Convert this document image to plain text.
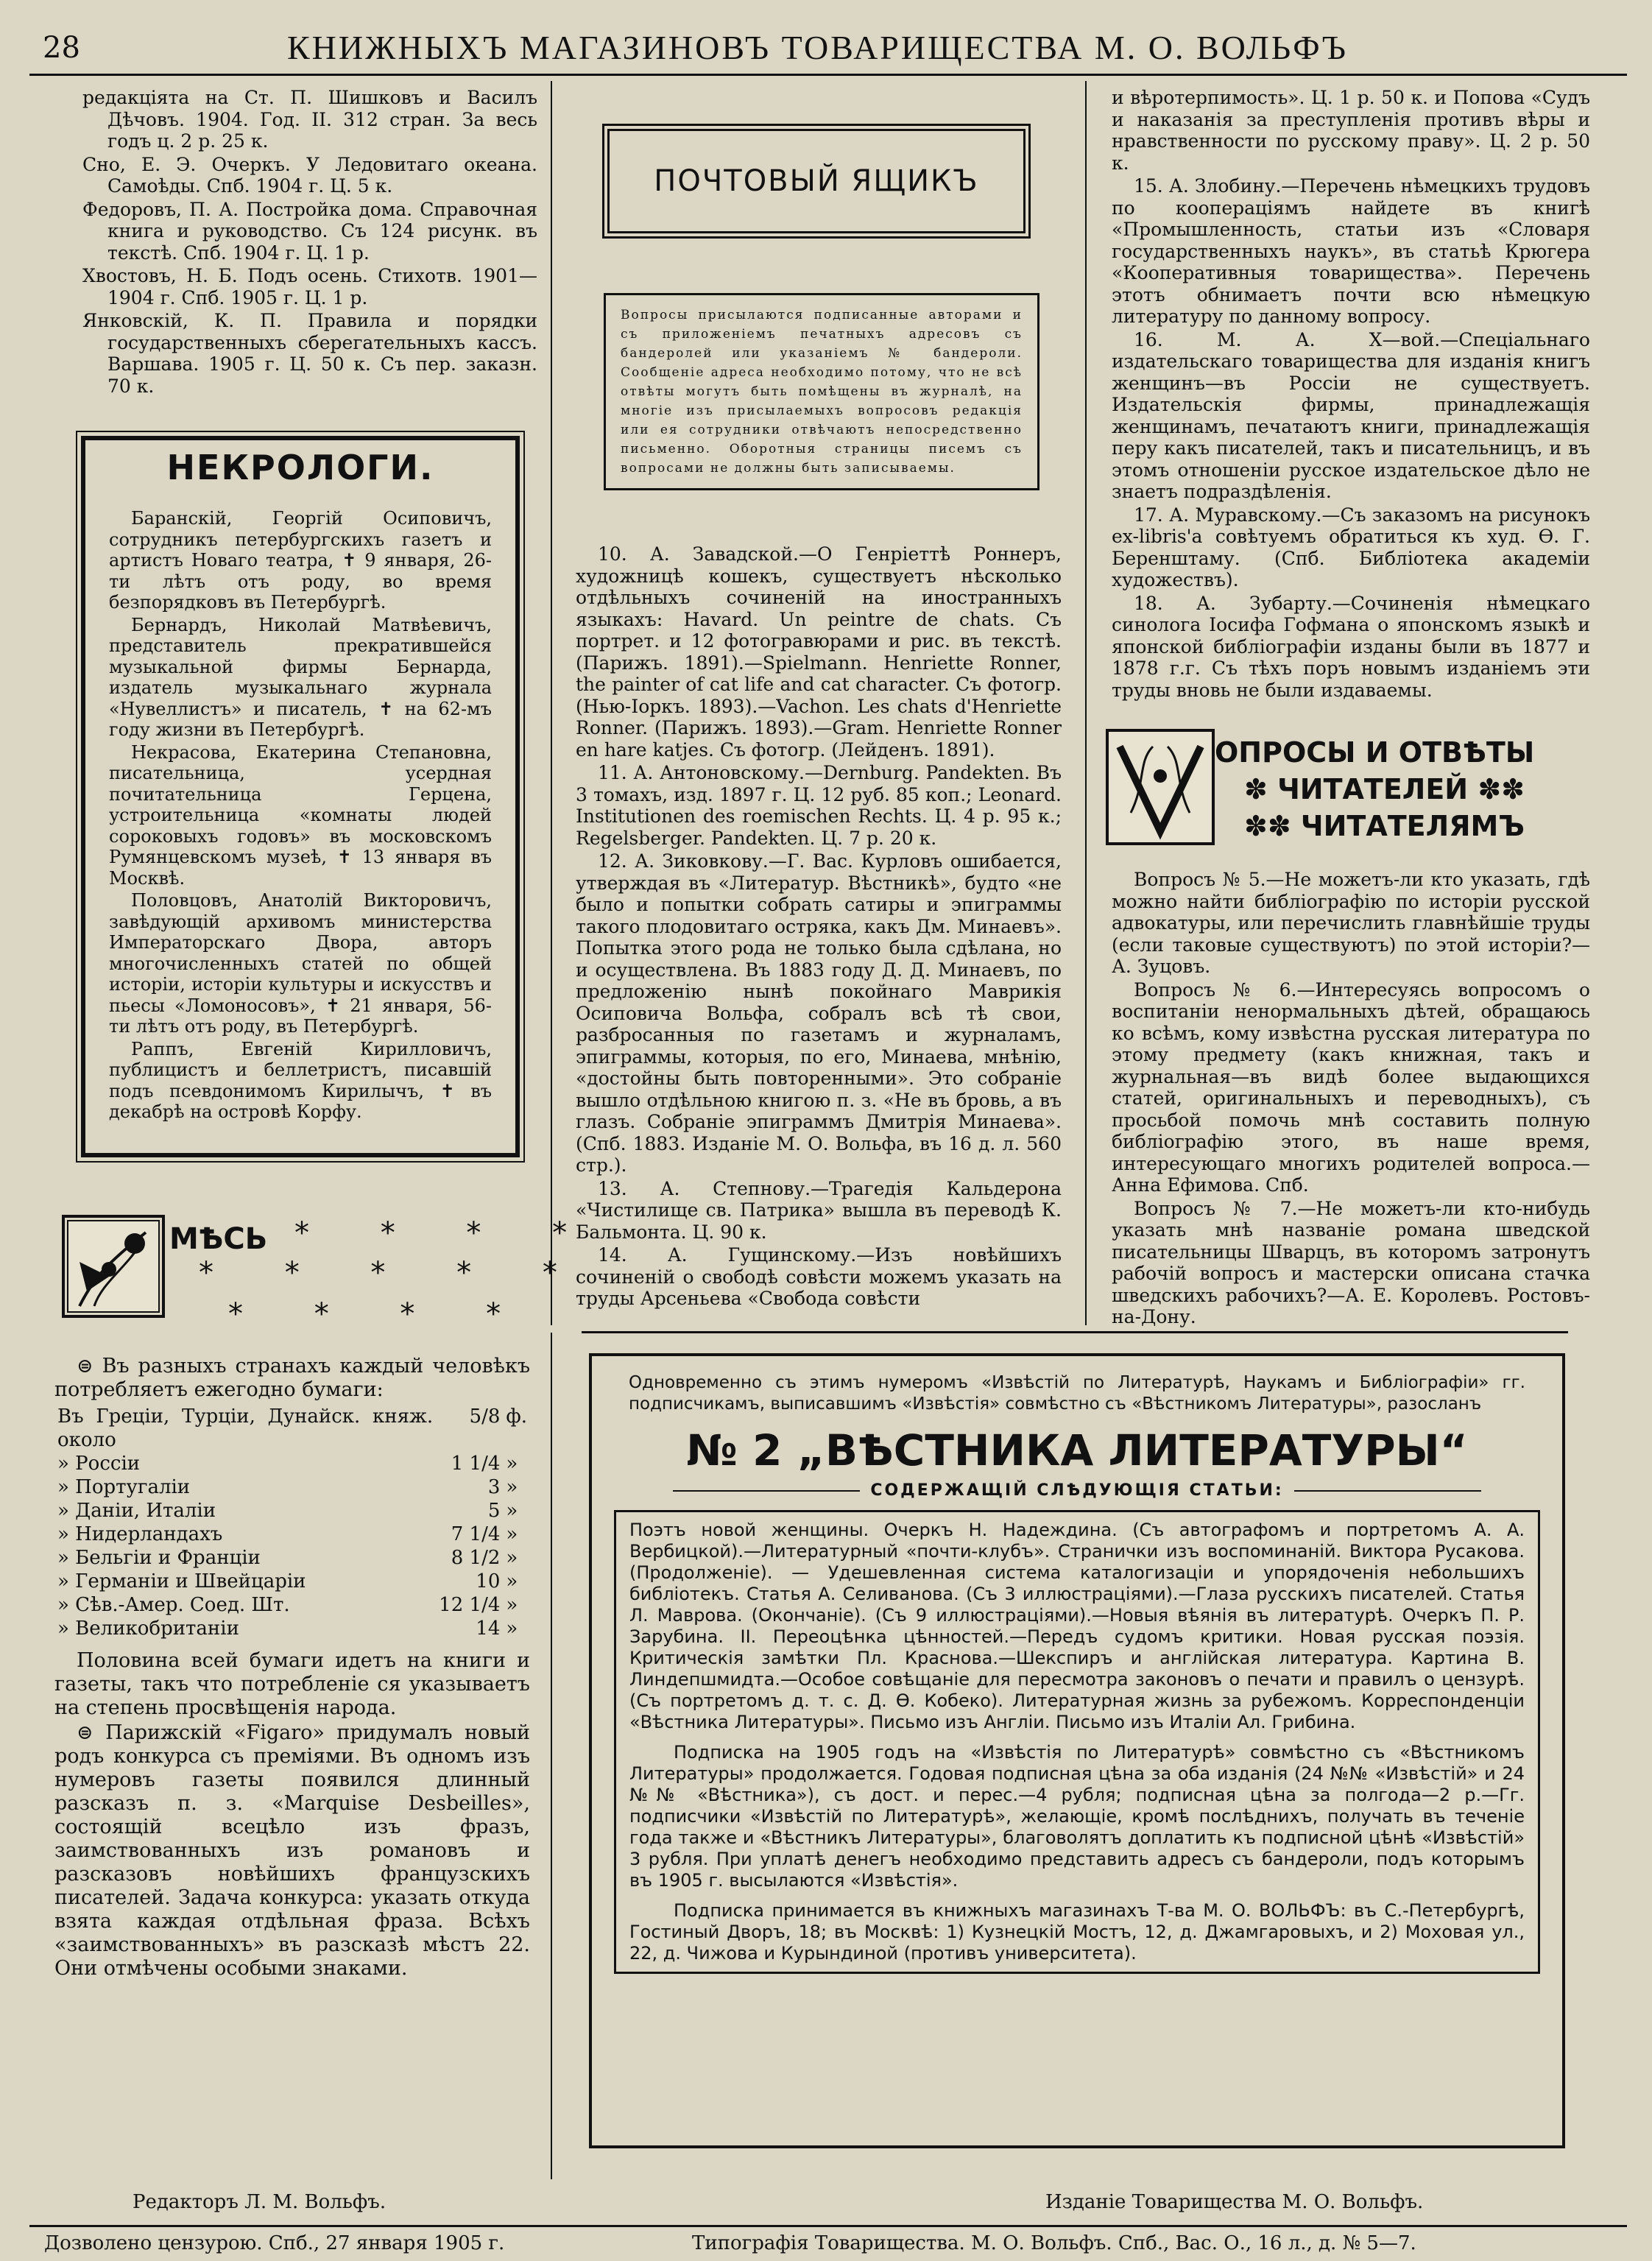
28	КНИЖНЫХЪ МАГАЗИНОВЪ ТОВАРИЩЕСТВА М. О. ВОЛЬФЪ

редакціята на Ст. П. Шишковъ и Василъ Дѣчовъ. 1904. Год. II. 312 стран. За весь годъ ц. 2 р. 25 к.

Сно, Е. Э. Очеркъ. У Ледовитаго океана. Самоѣды. Спб. 1904 г. Ц. 5 к.

Федоровъ, П. А. Постройка дома. Справочная книга и руководство. Съ 124 рисунк. въ текстѣ. Спб. 1904 г. Ц. 1 р.

Хвостовъ, Н. Б. Подъ осень. Стихотв. 1901—1904 г. Спб. 1905 г. Ц. 1 р.

Янковскій, К. П. Правила и порядки государственныхъ сберегательныхъ кассъ. Варшава. 1905 г. Ц. 50 к. Съ пер. заказн. 70 к.

НЕКРОЛОГИ.

Баранскій, Георгій Осиповичъ, сотрудникъ петербургскихъ газетъ и артистъ Новаго театра, ✝ 9 января, 26-ти лѣтъ отъ роду, во время безпорядковъ въ Петербургѣ.

Бернардъ, Николай Матвѣевичъ, представитель прекратившейся музыкальной фирмы Бернарда, издатель музыкальнаго журнала «Нувеллистъ» и писатель, ✝ на 62-мъ году жизни въ Петербургѣ.

Некрасова, Екатерина Степановна, писательница, усердная почитательница Герцена, устроительница «комнаты людей сороковыхъ годовъ» въ московскомъ Румянцевскомъ музеѣ, ✝ 13 января въ Москвѣ.

Половцовъ, Анатолій Викторовичъ, завѣдующій архивомъ министерства Императорскаго Двора, авторъ многочисленныхъ статей по общей исторіи, исторіи культуры и искусствъ и пьесы «Ломоносовъ», ✝ 21 января, 56-ти лѣтъ отъ роду, въ Петербургѣ.

Раппъ, Евгеній Кирилловичъ, публицистъ и беллетристъ, писавшій подъ псевдонимомъ Кирилычъ, ✝ въ декабрѣ на островѣ Корфу.

МѢСЬ * * * *
* * * * *
* * * *

⊜ Въ разныхъ странахъ каждый человѣкъ потребляетъ ежегодно бумаги:

Въ Греціи, Турціи, Дунайск. княж. около	5/8	ф.
» Россіи	1 1/4	»
» Португаліи	3	»
» Даніи, Италіи	5	»
» Нидерландахъ	7 1/4	»
» Бельгіи и Франціи	8 1/2	»
» Германіи и Швейцаріи	10	»
» Сѣв.-Амер. Соед. Шт.	12 1/4	»
» Великобританіи	14	»

Половина всей бумаги идетъ на книги и газеты, такъ что потребленіе ся указываетъ на степень просвѣщенія народа.

⊜ Парижскій «Figaro» придумалъ новый родъ конкурса съ преміями. Въ одномъ изъ нумеровъ газеты появился длинный разсказъ п. з. «Marquise Desbeilles», состоящій всецѣло изъ фразъ, заимствованныхъ изъ романовъ и разсказовъ новѣйшихъ французскихъ писателей. Задача конкурса: указать откуда взята каждая отдѣльная фраза. Всѣхъ «заимствованныхъ» въ разсказѣ мѣстъ 22. Они отмѣчены особыми знаками.

ПОЧТОВЫЙ ЯЩИКЪ
Вопросы присылаются подписанные авторами и съ приложеніемъ печатныхъ адресовъ съ бандеролей или указаніемъ № бандероли. Сообщеніе адреса необходимо потому, что не всѣ отвѣты могутъ быть помѣщены въ журналѣ, на многіе изъ присылаемыхъ вопросовъ редакція или ея сотрудники отвѣчаютъ непосредственно письменно. Оборотныя страницы писемъ съ вопросами не должны быть записываемы.

10. А. Завадской.—О Генріеттѣ Роннеръ, художницѣ кошекъ, существуетъ нѣсколько отдѣльныхъ сочиненій на иностранныхъ языкахъ: Havard. Un peintre de chats. Съ портрет. и 12 фотогравюрами и рис. въ текстѣ. (Парижъ. 1891).—Spielmann. Henriette Ronner, the painter of cat life and cat character. Съ фотогр. (Нью-Іоркъ. 1893).—Vachon. Les chats d'Henriette Ronner. (Парижъ. 1893).—Gram. Henriette Ronner en hare katjes. Съ фотогр. (Лейденъ. 1891).

11. А. Антоновскому.—Dernburg. Pandekten. Въ 3 томахъ, изд. 1897 г. Ц. 12 руб. 85 коп.; Leonard. Institutionen des roemischen Rechts. Ц. 4 р. 95 к.; Regelsberger. Pandekten. Ц. 7 р. 20 к.

12. А. Зиковкову.—Г. Вас. Курловъ ошибается, утверждая въ «Литератур. Вѣстникѣ», будто «не было и попытки собрать сатиры и эпиграммы такого плодовитаго остряка, какъ Дм. Минаевъ». Попытка этого рода не только была сдѣлана, но и осуществлена. Въ 1883 году Д. Д. Минаевъ, по предложенію нынѣ покойнаго Маврикія Осиповича Вольфа, собралъ всѣ тѣ свои, разбросанныя по газетамъ и журналамъ, эпиграммы, которыя, по его, Минаева, мнѣнію, «достойны быть повторенными». Это собраніе вышло отдѣльною книгою п. з. «Не въ бровь, а въ глазъ. Собраніе эпиграммъ Дмитрія Минаева». (Спб. 1883. Изданіе М. О. Вольфа, въ 16 д. л. 560 стр.).

13. А. Степнову.—Трагедія Кальдерона «Чистилище св. Патрика» вышла въ переводѣ К. Бальмонта. Ц. 90 к.

14. А. Гущинскому.—Изъ новѣйшихъ сочиненій о свободѣ совѣсти можемъ указать на труды Арсеньева «Свобода совѣсти

и вѣротерпимость». Ц. 1 р. 50 к. и Попова «Судъ и наказанія за преступленія противъ вѣры и нравственности по русскому праву». Ц. 2 р. 50 к.

15. А. Злобину.—Перечень нѣмецкихъ трудовъ по коопераціямъ найдете въ книгѣ «Промышленность, статьи изъ «Словаря государственныхъ наукъ», въ статьѣ Крюгера «Кооперативныя товарищества». Перечень этотъ обнимаетъ почти всю нѣмецкую литературу по данному вопросу.

16. М. А. Х—вой.—Спеціальнаго издательскаго товарищества для изданія книгъ женщинъ—въ Россіи не существуетъ. Издательскія фирмы, принадлежащія женщинамъ, печатаютъ книги, принадлежащія перу какъ писателей, такъ и писательницъ, и въ этомъ отношеніи русское издательское дѣло не знаетъ подраздѣленія.

17. А. Муравскому.—Съ заказомъ на рисунокъ ex-libris'а совѣтуемъ обратиться къ худ. Ѳ. Г. Беренштаму. (Спб. Библіотека академіи художествъ).

18. А. Зубарту.—Сочиненія нѣмецкаго синолога Іосифа Гофмана о японскомъ языкѣ и японской библіографіи изданы были въ 1877 и 1878 г.г. Съ тѣхъ поръ новымъ изданіемъ эти труды вновь не были издаваемы.

ОПРОСЫ И ОТВѢТЫ
✽ ЧИТАТЕЛЕЙ ✽✽
✽✽ ЧИТАТЕЛЯМЪ

Вопросъ № 5.—Не можетъ-ли кто указать, гдѣ можно найти библіографію по исторіи русской адвокатуры, или перечислить главнѣйшіе труды (если таковые существуютъ) по этой исторіи?—А. Зуцовъ.

Вопросъ № 6.—Интересуясь вопросомъ о воспитаніи ненормальныхъ дѣтей, обращаюсь ко всѣмъ, кому извѣстна русская литература по этому предмету (какъ книжная, такъ и журнальная—въ видѣ более выдающихся статей, оригинальныхъ и переводныхъ), съ просьбой помочь мнѣ составить полную библіографію этого, въ наше время, интересующаго многихъ родителей вопроса.—Анна Ефимова. Спб.

Вопросъ № 7.—Не можетъ-ли кто-нибудь указать мнѣ названіе романа шведской писательницы Шварцъ, въ которомъ затронутъ рабочій вопросъ и мастерски описана стачка шведскихъ рабочихъ?—А. Е. Королевъ. Ростовъ-на-Дону.

Одновременно съ этимъ нумеромъ «Извѣстій по Литературѣ, Наукамъ и Библіографіи» гг. подписчикамъ, выписавшимъ «Извѣстія» совмѣстно съ «Вѣстникомъ Литературы», разосланъ
№ 2 „ВѢСТНИКА ЛИТЕРАТУРЫ“
СОДЕРЖАЩІЙ СЛѢДУЮЩІЯ СТАТЬИ:
Поэтъ новой женщины. Очеркъ Н. Надеждина. (Съ автографомъ и портретомъ А. А. Вербицкой).—Литературный «почти-клубъ». Странички изъ воспоминаній. Виктора Русакова. (Продолженіе). — Удешевленная система каталогизаціи и упорядоченія небольшихъ библіотекъ. Статья А. Селиванова. (Съ 3 иллюстраціями).—Глаза русскихъ писателей. Статья Л. Маврова. (Окончаніе). (Съ 9 иллюстраціями).—Новыя вѣянія въ литературѣ. Очеркъ П. Р. Зарубина. II. Переоцѣнка цѣнностей.—Передъ судомъ критики. Новая русская поэзія. Критическія замѣтки Пл. Краснова.—Шекспиръ и англійская литература. Картина В. Линдепшмидта.—Особое совѣщаніе для пересмотра законовъ о печати и правилъ о цензурѣ. (Съ портретомъ д. т. с. Д. Ѳ. Кобеко). Литературная жизнь за рубежомъ. Корреспонденціи «Вѣстника Литературы». Письмо изъ Англіи. Письмо изъ Италіи Ал. Грибина.
Подписка на 1905 годъ на «Извѣстія по Литературѣ» совмѣстно съ «Вѣстникомъ Литературы» продолжается. Годовая подписная цѣна за оба изданія (24 №№ «Извѣстій» и 24 №№ «Вѣстника»), съ дост. и перес.—4 рубля; подписная цѣна за полгода—2 р.—Гг. подписчики «Извѣстій по Литературѣ», желающіе, кромѣ послѣднихъ, получать въ теченіе года также и «Вѣстникъ Литературы», благоволятъ доплатить къ подписной цѣнѣ «Извѣстій» 3 рубля. При уплатѣ денегъ необходимо представить адресъ съ бандероли, подъ которымъ въ 1905 г. высылаются «Извѣстія».
Подписка принимается въ книжныхъ магазинахъ Т-ва М. О. ВОЛЬФЪ: въ С.-Петербургѣ, Гостиный Дворъ, 18; въ Москвѣ: 1) Кузнецкій Мостъ, 12, д. Джамгаровыхъ, и 2) Моховая ул., 22, д. Чижова и Курындиной (противъ университета).
Редакторъ Л. М. Вольфъ.	Изданіе Товарищества М. О. Вольфъ.
Дозволено цензурою. Спб., 27 января 1905 г.	Типографія Товарищества. М. О. Вольфъ. Спб., Вас. О., 16 л., д. № 5—7.
